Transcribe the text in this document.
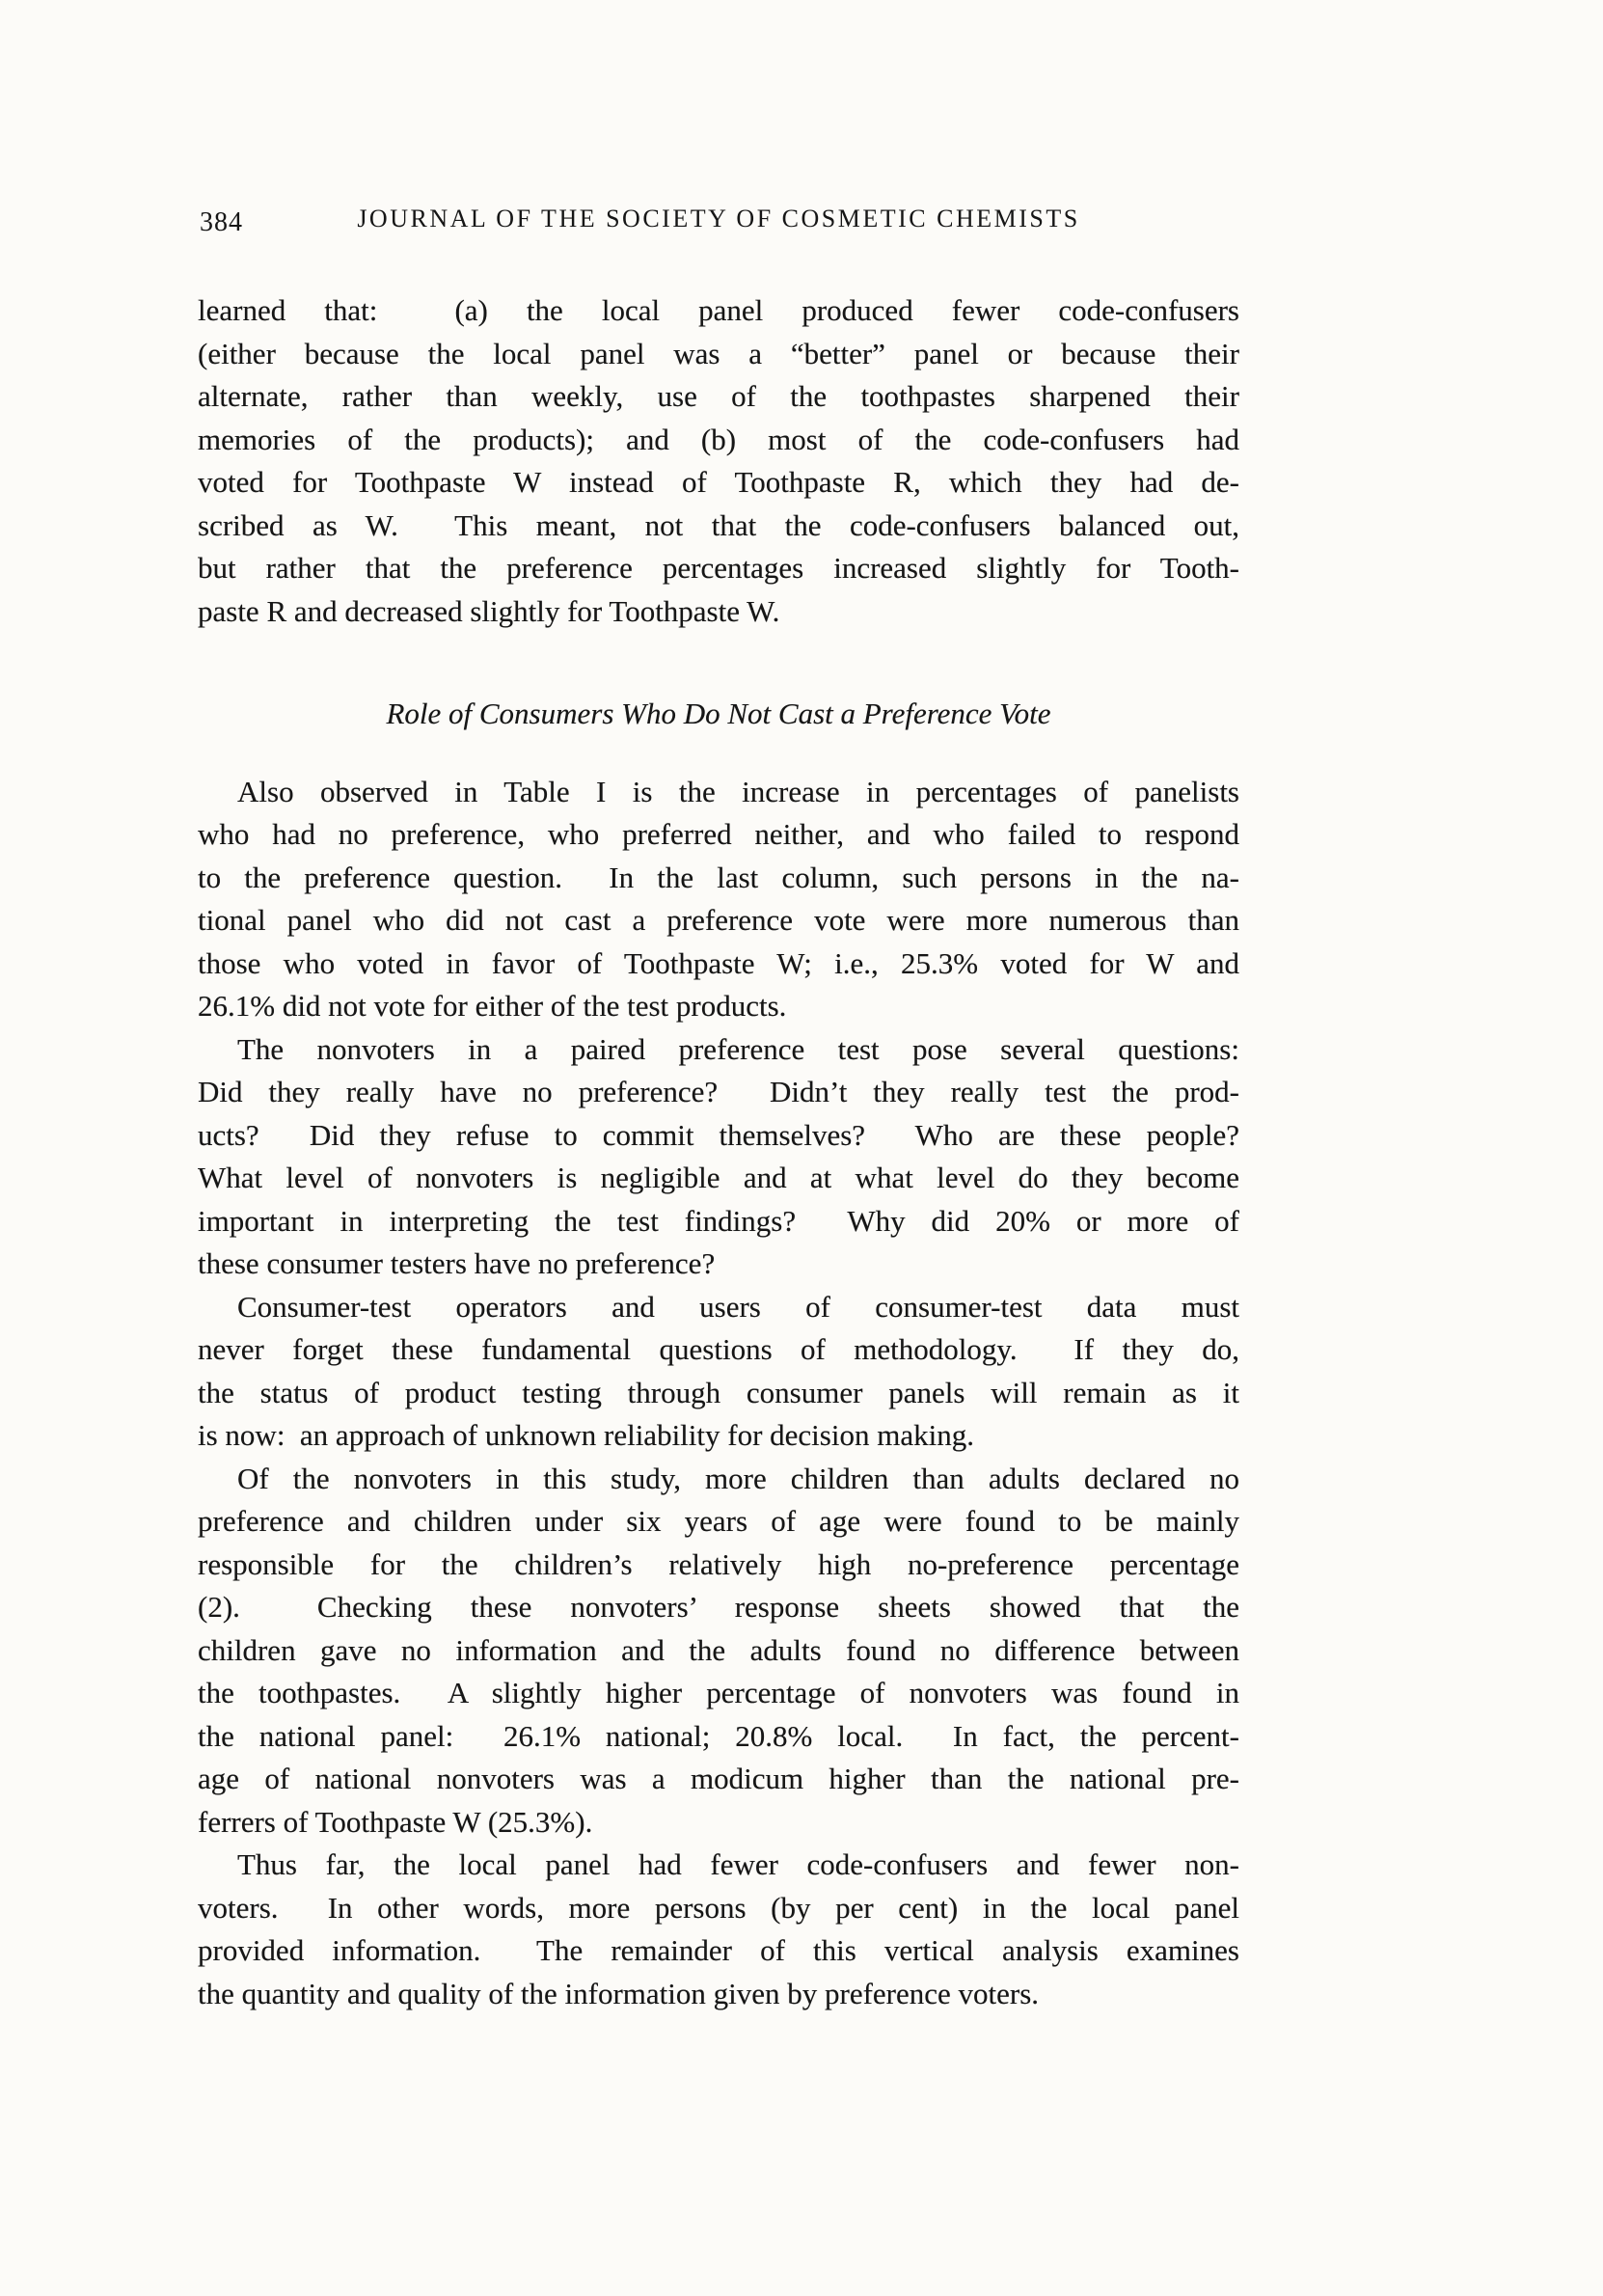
384	JOURNAL OF THE SOCIETY OF COSMETIC CHEMISTS
learned that:  (a) the local panel produced fewer code-confusers
(either because the local panel was a “better” panel or because their
alternate, rather than weekly, use of the toothpastes sharpened their
memories of the products); and (b) most of the code-confusers had
voted for Toothpaste W instead of Toothpaste R, which they had de-
scribed as W.  This meant, not that the code-confusers balanced out,
but rather that the preference percentages increased slightly for Tooth-
paste R and decreased slightly for Toothpaste W.
Role of Consumers Who Do Not Cast a Preference Vote
Also observed in Table I is the increase in percentages of panelists
who had no preference, who preferred neither, and who failed to respond
to the preference question.  In the last column, such persons in the na-
tional panel who did not cast a preference vote were more numerous than
those who voted in favor of Toothpaste W; i.e., 25.3% voted for W and
26.1% did not vote for either of the test products.
The nonvoters in a paired preference test pose several questions:
Did they really have no preference?  Didn’t they really test the prod-
ucts?  Did they refuse to commit themselves?  Who are these people?
What level of nonvoters is negligible and at what level do they become
important in interpreting the test findings?  Why did 20% or more of
these consumer testers have no preference?
Consumer-test operators and users of consumer-test data must
never forget these fundamental questions of methodology.  If they do,
the status of product testing through consumer panels will remain as it
is now:  an approach of unknown reliability for decision making.
Of the nonvoters in this study, more children than adults declared no
preference and children under six years of age were found to be mainly
responsible for the children’s relatively high no-preference percentage
(2).  Checking these nonvoters’ response sheets showed that the
children gave no information and the adults found no difference between
the toothpastes.  A slightly higher percentage of nonvoters was found in
the national panel:  26.1% national; 20.8% local.  In fact, the percent-
age of national nonvoters was a modicum higher than the national pre-
ferrers of Toothpaste W (25.3%).
Thus far, the local panel had fewer code-confusers and fewer non-
voters.  In other words, more persons (by per cent) in the local panel
provided information.  The remainder of this vertical analysis examines
the quantity and quality of the information given by preference voters.
